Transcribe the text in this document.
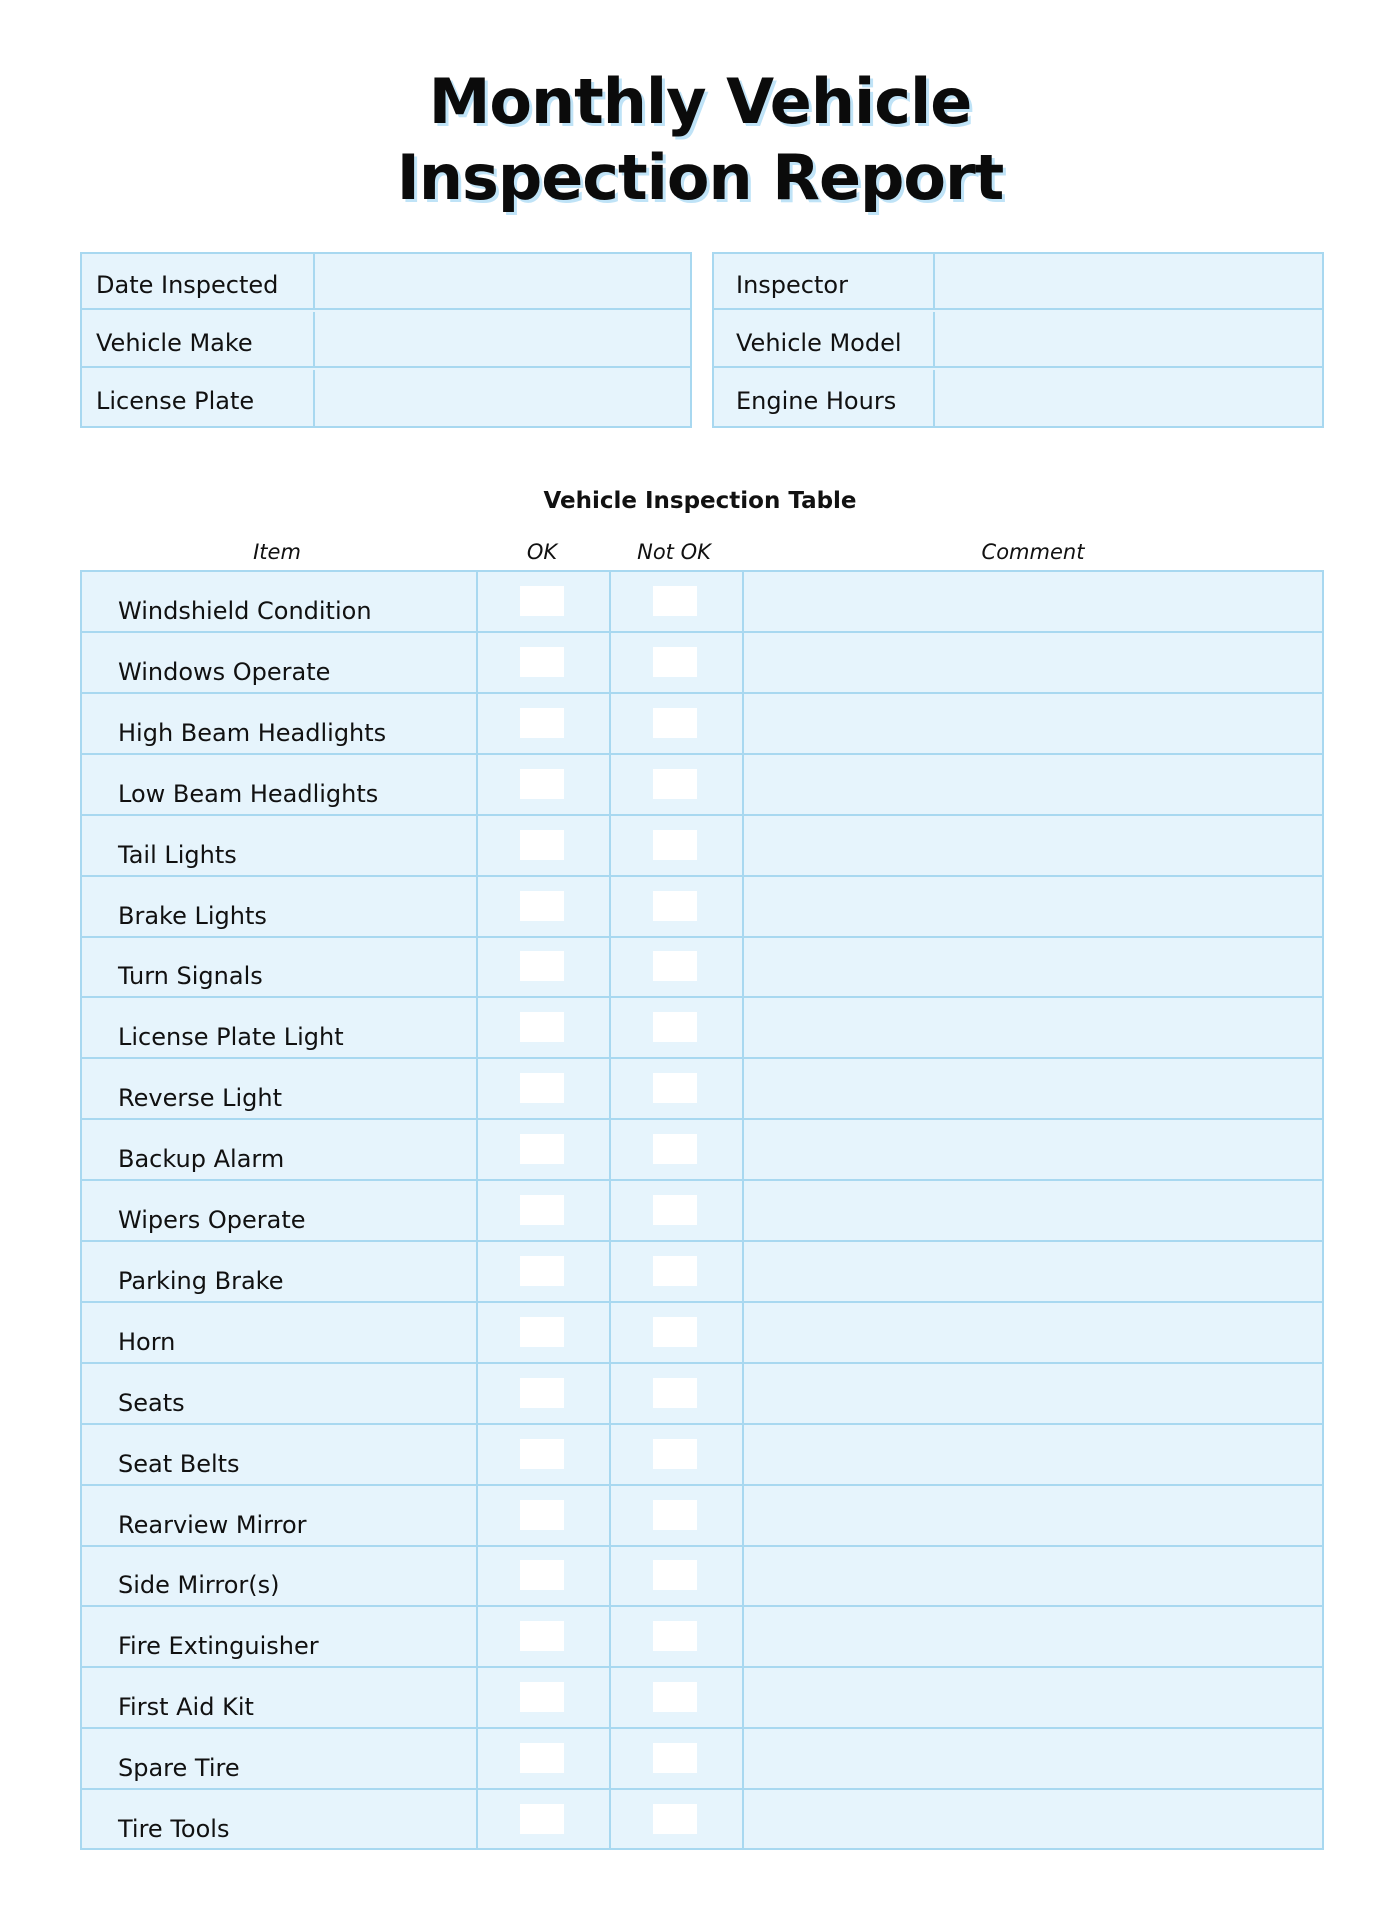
Monthly Vehicle
Inspection Report
Date Inspected
Vehicle Make
License Plate
Inspector
Vehicle Model
Engine Hours
Vehicle Inspection Table
Item	OK	Not OK	Comment
Windshield Condition
Windows Operate
High Beam Headlights
Low Beam Headlights
Tail Lights
Brake Lights
Turn Signals
License Plate Light
Reverse Light
Backup Alarm
Wipers Operate
Parking Brake
Horn
Seats
Seat Belts
Rearview Mirror
Side Mirror(s)
Fire Extinguisher
First Aid Kit
Spare Tire
Tire Tools
